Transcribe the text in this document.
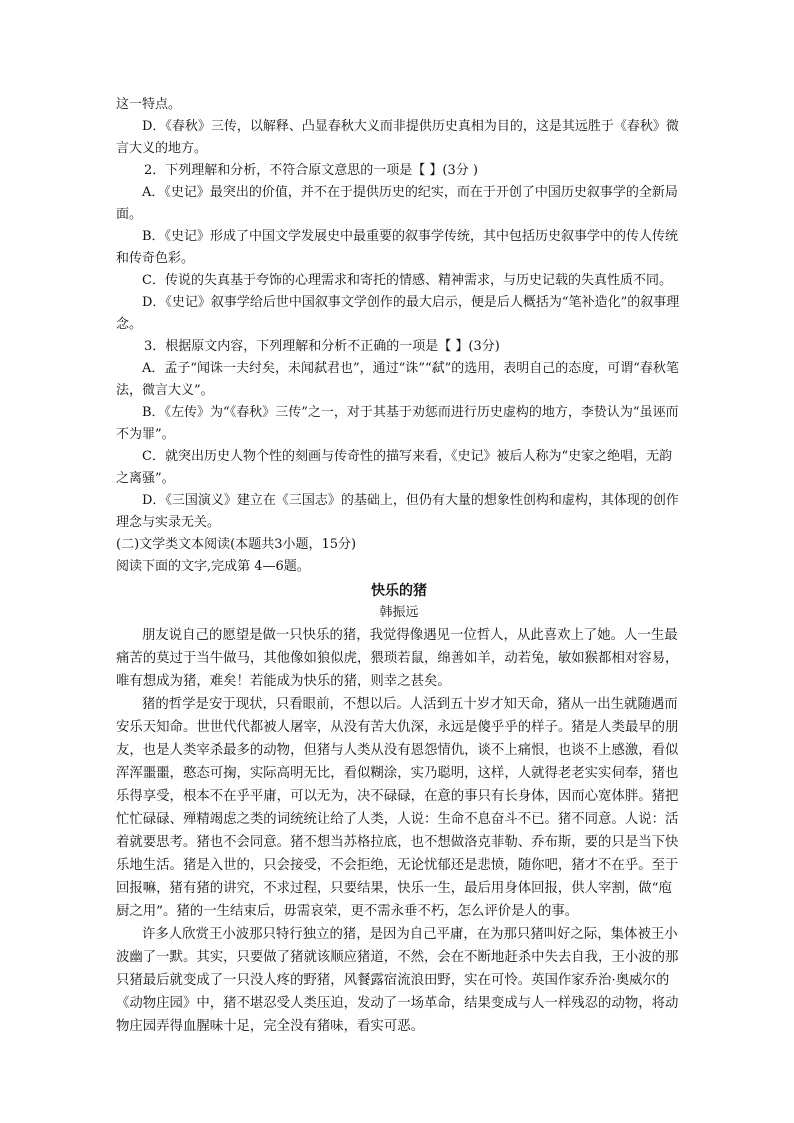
这一特点。

D．《春秋》三传，以解释、凸显春秋大义而非提供历史真相为目的，这是其远胜于《春秋》微言大义的地方。

2．下列理解和分析，不符合原文意思的一项是【 】(3分 )

A．《史记》最突出的价值，并不在于提供历史的纪实，而在于开创了中国历史叙事学的全新局面。

B．《史记》形成了中国文学发展史中最重要的叙事学传统，其中包括历史叙事学中的传人传统和传奇色彩。

C．传说的失真基于夸饰的心理需求和寄托的情感、精神需求，与历史记载的失真性质不同。

D．《史记》叙事学给后世中国叙事文学创作的最大启示，便是后人概括为“笔补造化”的叙事理念。

3．根据原文内容，下列理解和分析不正确的一项是【 】(3分)

A．孟子“闻诛一夫纣矣，未闻弑君也”，通过“诛”“弑”的选用，表明自己的态度，可谓“春秋笔法，微言大义”。

B．《左传》为“《春秋》三传”之一，对于其基于劝惩而进行历史虚构的地方，李贽认为“虽诬而不为罪”。

C．就突出历史人物个性的刻画与传奇性的描写来看，《史记》被后人称为“史家之绝唱，无韵之离骚”。

D．《三国演义》建立在《三国志》的基础上，但仍有大量的想象性创构和虚构，其体现的创作理念与实录无关。

(二)文学类文本阅读(本题共3小题，15分)

阅读下面的文字,完成第 4—6题。

快乐的猪

韩振远

朋友说自己的愿望是做一只快乐的猪，我觉得像遇见一位哲人，从此喜欢上了她。人一生最痛苦的莫过于当牛做马，其他像如狼似虎，猥琐若鼠，绵善如羊，动若兔，敏如猴都相对容易，唯有想成为猪，难矣！若能成为快乐的猪，则幸之甚矣。

猪的哲学是安于现状，只看眼前，不想以后。人活到五十岁才知天命，猪从一出生就随遇而安乐天知命。世世代代都被人屠宰，从没有苦大仇深，永远是傻乎乎的样子。猪是人类最早的朋友，也是人类宰杀最多的动物，但猪与人类从没有恩怨情仇，谈不上痛恨，也谈不上感激，看似浑浑噩噩，憨态可掬，实际高明无比，看似糊涂，实乃聪明，这样，人就得老老实实伺奉，猪也乐得享受，根本不在乎平庸，可以无为，决不碌碌，在意的事只有长身体，因而心宽体胖。猪把忙忙碌碌、殚精竭虑之类的词统统让给了人类，人说：生命不息奋斗不已。猪不同意。人说：活着就要思考。猪也不会同意。猪不想当苏格拉底，也不想做洛克菲勒、乔布斯，要的只是当下快乐地生活。猪是入世的，只会接受，不会拒绝，无论忧郁还是悲愤，随你吧，猪才不在乎。至于回报嘛，猪有猪的讲究，不求过程，只要结果，快乐一生，最后用身体回报，供人宰割，做“庖厨之用”。猪的一生结束后，毋需哀荣，更不需永垂不朽，怎么评价是人的事。

许多人欣赏王小波那只特行独立的猪，是因为自己平庸，在为那只猪叫好之际，集体被王小波幽了一默。其实，只要做了猪就该顺应猪道，不然，会在不断地赶杀中失去自我，王小波的那只猪最后就变成了一只没人疼的野猪，风餐露宿流浪田野，实在可怜。英国作家乔治·奥威尔的《动物庄园》中，猪不堪忍受人类压迫，发动了一场革命，结果变成与人一样残忍的动物，将动物庄园弄得血腥味十足，完全没有猪味，看实可恶。
